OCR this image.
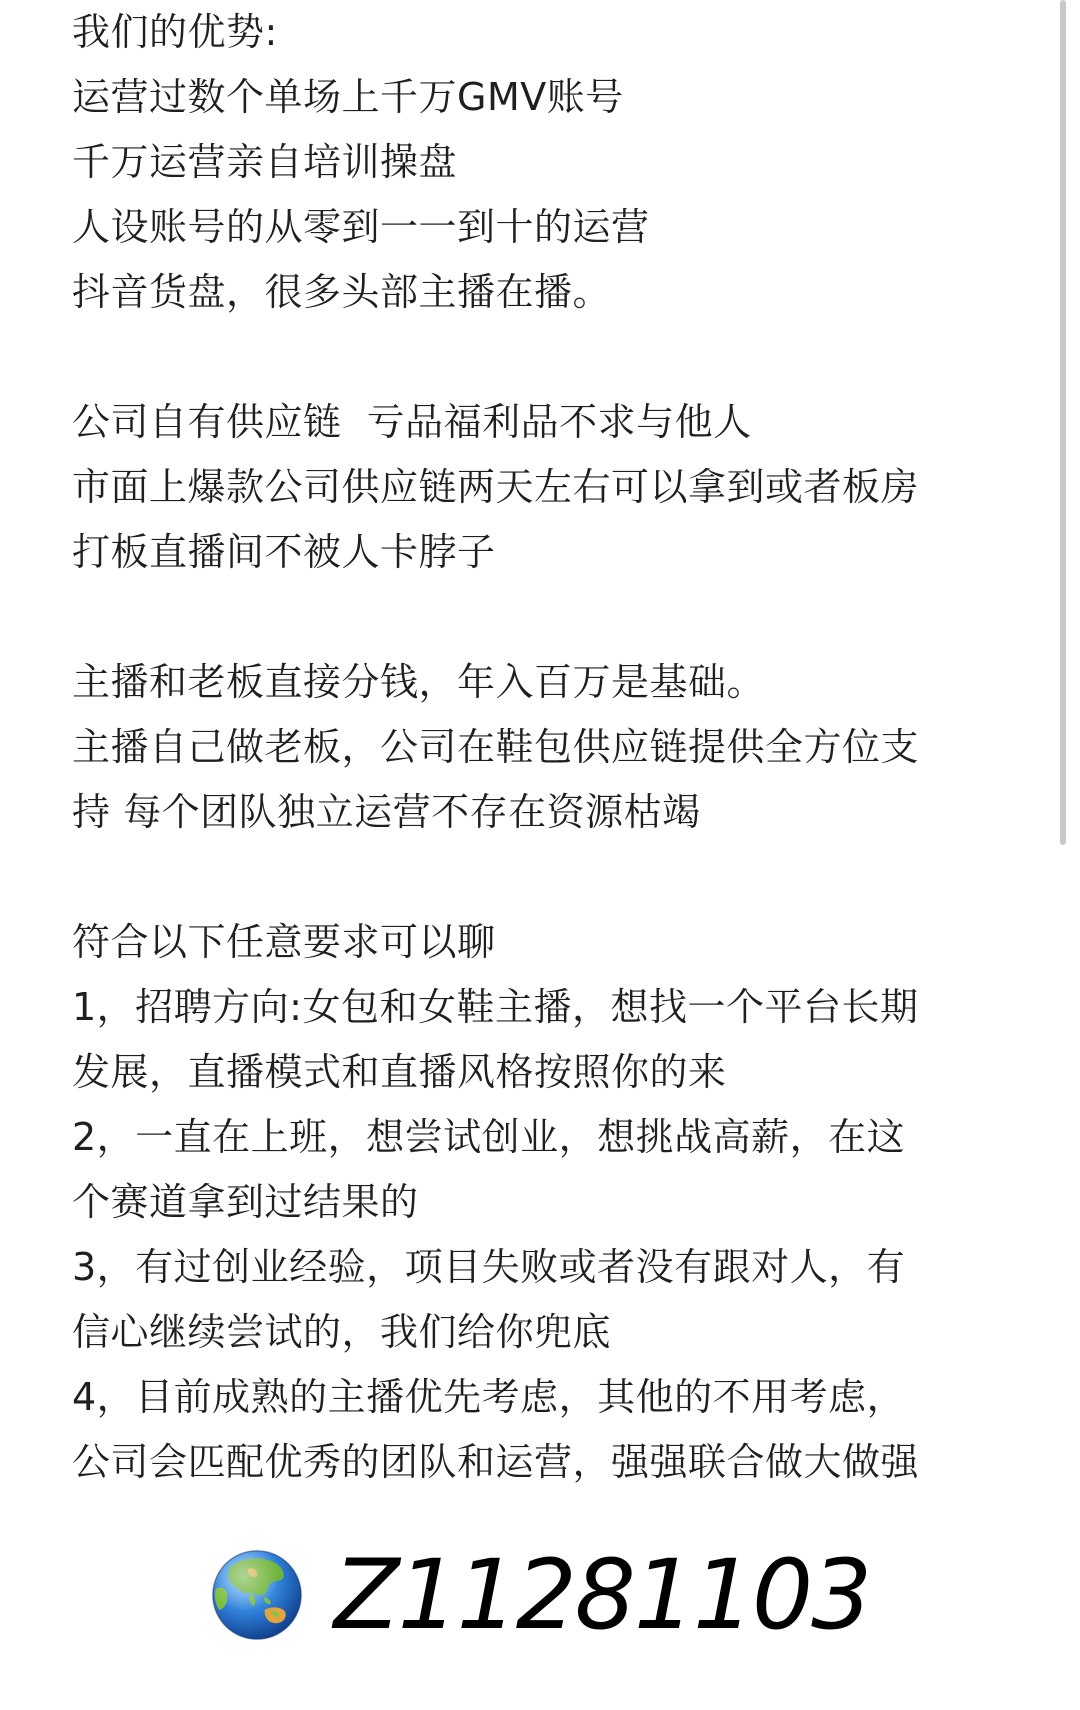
我们的优势:
运营过数个单场上千万GMV账号
千万运营亲自培训操盘
人设账号的从零到一一到十的运营
抖音货盘，很多头部主播在播。
公司自有供应链  亏品福利品不求与他人
市面上爆款公司供应链两天左右可以拿到或者板房
打板直播间不被人卡脖子
主播和老板直接分钱，年入百万是基础。
主播自己做老板，公司在鞋包供应链提供全方位支
持 每个团队独立运营不存在资源枯竭
符合以下任意要求可以聊
1，招聘方向:女包和女鞋主播，想找一个平台长期
发展，直播模式和直播风格按照你的来
2，一直在上班，想尝试创业，想挑战高薪，在这
个赛道拿到过结果的
3，有过创业经验，项目失败或者没有跟对人，有
信心继续尝试的，我们给你兜底
4，目前成熟的主播优先考虑，其他的不用考虑，
公司会匹配优秀的团队和运营，强强联合做大做强
Z11281103
